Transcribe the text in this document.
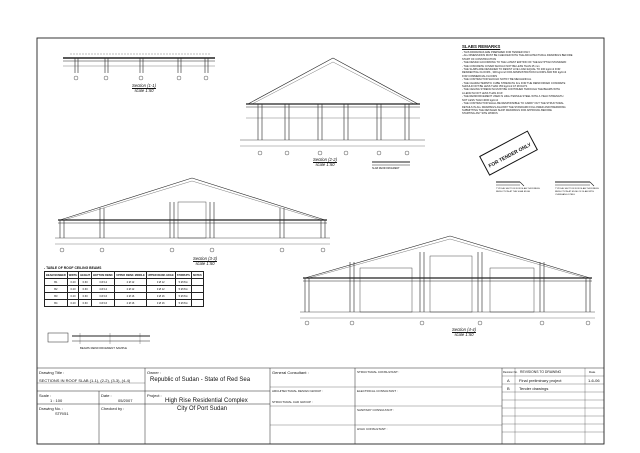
SLABS REMARKS

- THIS DRAWINGS ARE PREPARED FOR TENDER ONLY

- ALL DIMENSIONS MUST BE CHECKED WITH THE ARCHITECTURAL DRAWINGS BEFORE

START OF CONSTRUCTION

- THE DESIGN ACCORDING TO THE LATEST EDITION OF THE EGYPTIAN STANDARD

- THE CONCRETE COVER SHOULD NOT BE LESS THAN 25 mm

- THE SLABS ARE DESIGNED TO RESIST LIVE LOAD EQUAL TO 200 kg/cm2 FOR

RESIDENTIAL FLOORS , 300 kg/cm2 FOR ADMINISTRATION FLOORS AND 500 kg/cm2

FOR COMMERCIAL FLOORS

- THE CONTRACTOR SHOULD NOTIFY BE MECHANICAL

- THE CHARACTERISTIC CUBE STRENGTH Fcu FOR THE REINFORCED CONCRETE

SHOULD NOT BE LESS THAN 350 kg/cm2 AT 28 DAYS

- THE CEILING STRENGTH MUST BE CONTINUED THROUGH THE BEAMS WITH

A LENGTH NOT LESS THAN 40 Ø

- THE REINFORCEMENT USED IS HIGH TENSILE STEEL WITH A YIELD STRENGTH

NOT LESS THAN 4000 kg/cm2

- THE CONTRACTOR SHALL BE RESPONSIBLE TO CARRY OUT THE STRUCTURAL

DETAILS IN ALL DRAWINGS AGAINST THE STANDARD FOLLOWED AND PREPARING

SUBMITTING THE DETAILED SHOP DRAWINGS FOR APPROVAL BEFORE

STARTING ANY SITE WORKS

FOR TENDER ONLY
Section (1-1)
scale 1:50
Section (2-2)
scale 1:50
Section (3-3)
scale 1:50
Section (4-4)
scale 1:50
TYPICAL SECTION FOR SLAB THICKNESS REDUCTION AT THE SLAB EDGE
TYPICAL SECTION FOR SLAB THICKNESS REDUCTION AT EDGE OF SLAB WITH OVERHANG STEEL
SLAB REINFORCEMENT
- TABLE OF ROOF CEILING BEAMS
BEAM NUMBER	WIDTH	HEIGHT	BOTTOM REINF.	UPPER REINF. MIDDLE	UPPER REINF. EDGE	STIRRUPS	NOTES
B1	0.20	0.60	3 Ø 12	2 Ø 12	3 Ø 12	5 Ø 8/m	
B2	0.20	0.60	4 Ø 12	2 Ø 12	3 Ø 12	5 Ø 8/m	
B3	0.20	0.60	3 Ø 16	2 Ø 16	3 Ø 16	5 Ø 8/m	
B4	0.20	0.60	3 Ø 16	2 Ø 16	3 Ø 16	5 Ø 8/m	
BEAMS REINFORCEMENT SAMPLE
Drawing Title :
SECTIONS IN ROOF SLAB (1-1), (2-2), (3-3), (4-4)
Scale :
1 : 100
Date :
05/2007
Drawing No. :
STR/51
Checked by :
Owner :
Republic of Sudan - State of Red Sea
Project :
High Rise Residential Complex
City Of Port Sudan
General Consultant :
ARCHITECTURAL DESIGN GROUP :
STRUCTURAL CAD GROUP :
STRUCTURAL CONSULTANT :
ELECTRICAL CONSULTANT :
SANITARY CONSULTANT :
HVAC CONSULTANT :
Revision No. REVISIONS TO DRAWING	Date
A Final preliminary project	1-6-06
B Tender drawings
